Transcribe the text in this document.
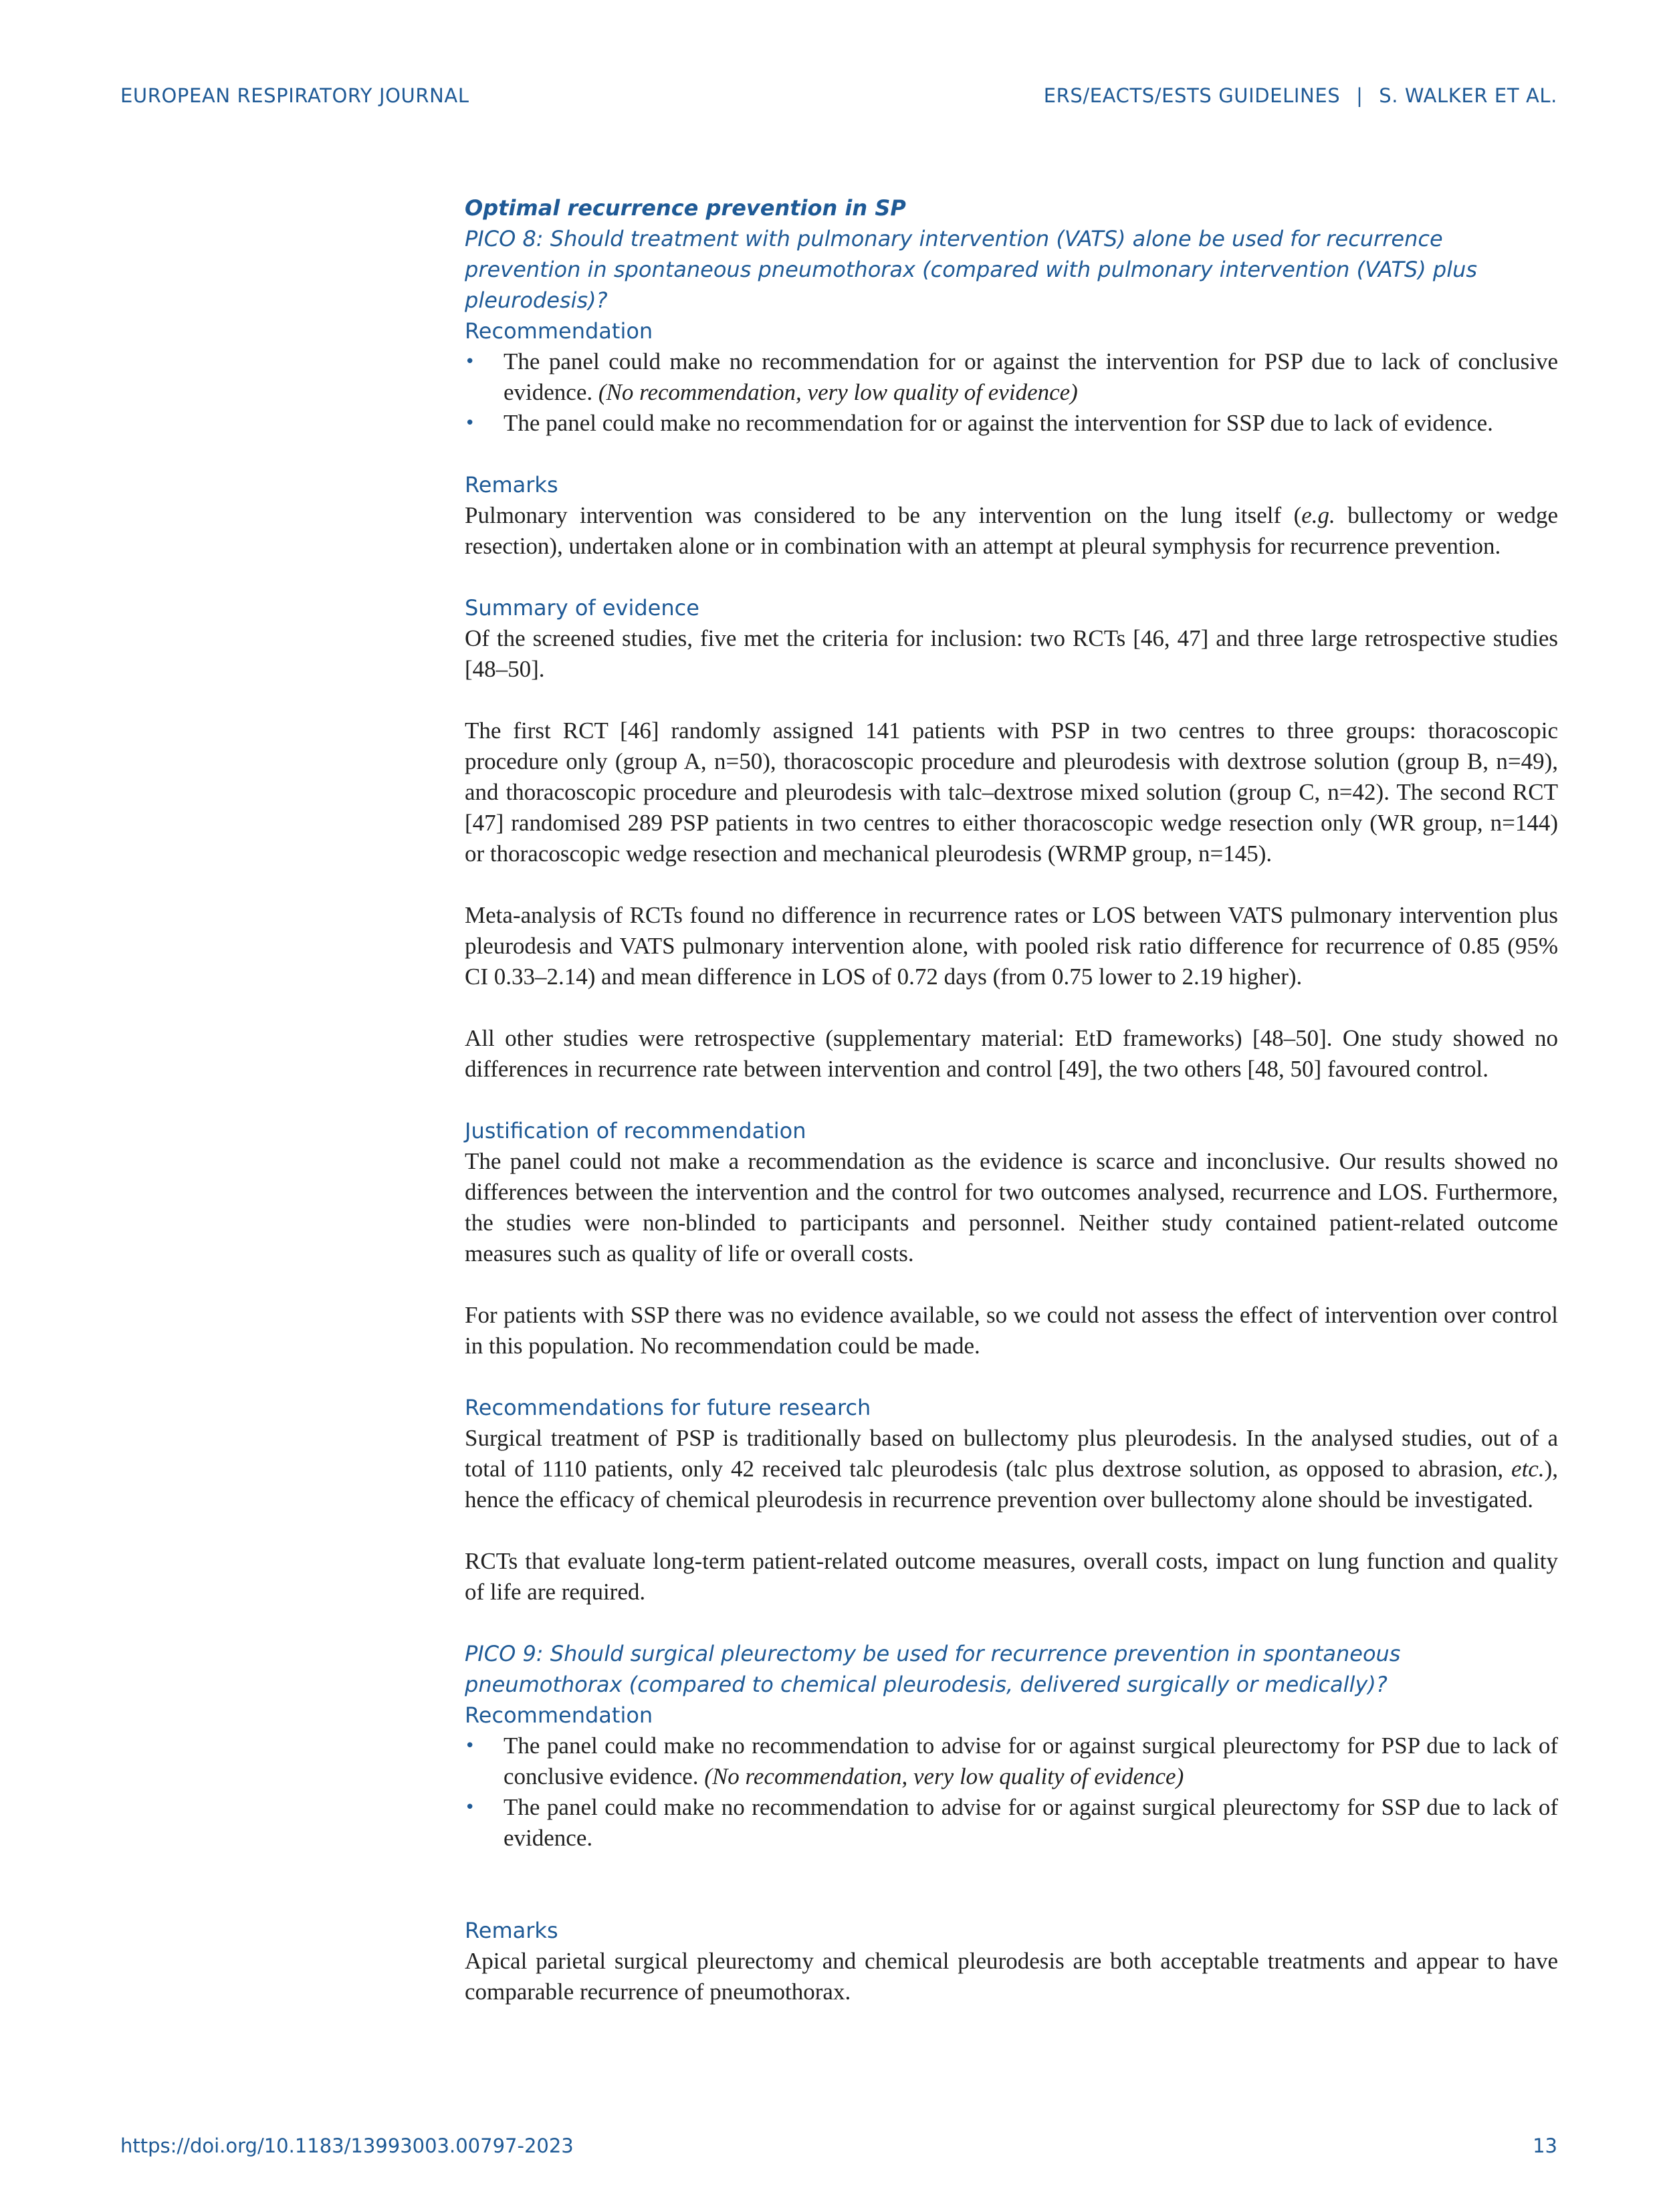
EUROPEAN RESPIRATORY JOURNAL	ERS/EACTS/ESTS GUIDELINES | S. WALKER ET AL.
Optimal recurrence prevention in SP
PICO 8: Should treatment with pulmonary intervention (VATS) alone be used for recurrence prevention in spontaneous pneumothorax (compared with pulmonary intervention (VATS) plus pleurodesis)?
Recommendation
• The panel could make no recommendation for or against the intervention for PSP due to lack of conclusive evidence. (No recommendation, very low quality of evidence)
• The panel could make no recommendation for or against the intervention for SSP due to lack of evidence.
Remarks

Pulmonary intervention was considered to be any intervention on the lung itself (e.g. bullectomy or wedge resection), undertaken alone or in combination with an attempt at pleural symphysis for recurrence prevention.

Summary of evidence

Of the screened studies, five met the criteria for inclusion: two RCTs [46, 47] and three large retrospective studies [48–50].

The first RCT [46] randomly assigned 141 patients with PSP in two centres to three groups: thoracoscopic procedure only (group A, n=50), thoracoscopic procedure and pleurodesis with dextrose solution (group B, n=49), and thoracoscopic procedure and pleurodesis with talc–dextrose mixed solution (group C, n=42). The second RCT [47] randomised 289 PSP patients in two centres to either thoracoscopic wedge resection only (WR group, n=144) or thoracoscopic wedge resection and mechanical pleurodesis (WRMP group, n=145).

Meta-analysis of RCTs found no difference in recurrence rates or LOS between VATS pulmonary intervention plus pleurodesis and VATS pulmonary intervention alone, with pooled risk ratio difference for recurrence of 0.85 (95% CI 0.33–2.14) and mean difference in LOS of 0.72 days (from 0.75 lower to 2.19 higher).

All other studies were retrospective (supplementary material: EtD frameworks) [48–50]. One study showed no differences in recurrence rate between intervention and control [49], the two others [48, 50] favoured control.

Justification of recommendation

The panel could not make a recommendation as the evidence is scarce and inconclusive. Our results showed no differences between the intervention and the control for two outcomes analysed, recurrence and LOS. Furthermore, the studies were non-blinded to participants and personnel. Neither study contained patient-related outcome measures such as quality of life or overall costs.

For patients with SSP there was no evidence available, so we could not assess the effect of intervention over control in this population. No recommendation could be made.

Recommendations for future research

Surgical treatment of PSP is traditionally based on bullectomy plus pleurodesis. In the analysed studies, out of a total of 1110 patients, only 42 received talc pleurodesis (talc plus dextrose solution, as opposed to abrasion, etc.), hence the efficacy of chemical pleurodesis in recurrence prevention over bullectomy alone should be investigated.

RCTs that evaluate long-term patient-related outcome measures, overall costs, impact on lung function and quality of life are required.

PICO 9: Should surgical pleurectomy be used for recurrence prevention in spontaneous pneumothorax (compared to chemical pleurodesis, delivered surgically or medically)?
Recommendation
• The panel could make no recommendation to advise for or against surgical pleurectomy for PSP due to lack of conclusive evidence. (No recommendation, very low quality of evidence)
• The panel could make no recommendation to advise for or against surgical pleurectomy for SSP due to lack of evidence.
Remarks

Apical parietal surgical pleurectomy and chemical pleurodesis are both acceptable treatments and appear to have comparable recurrence of pneumothorax.

https://doi.org/10.1183/13993003.00797-2023	13
